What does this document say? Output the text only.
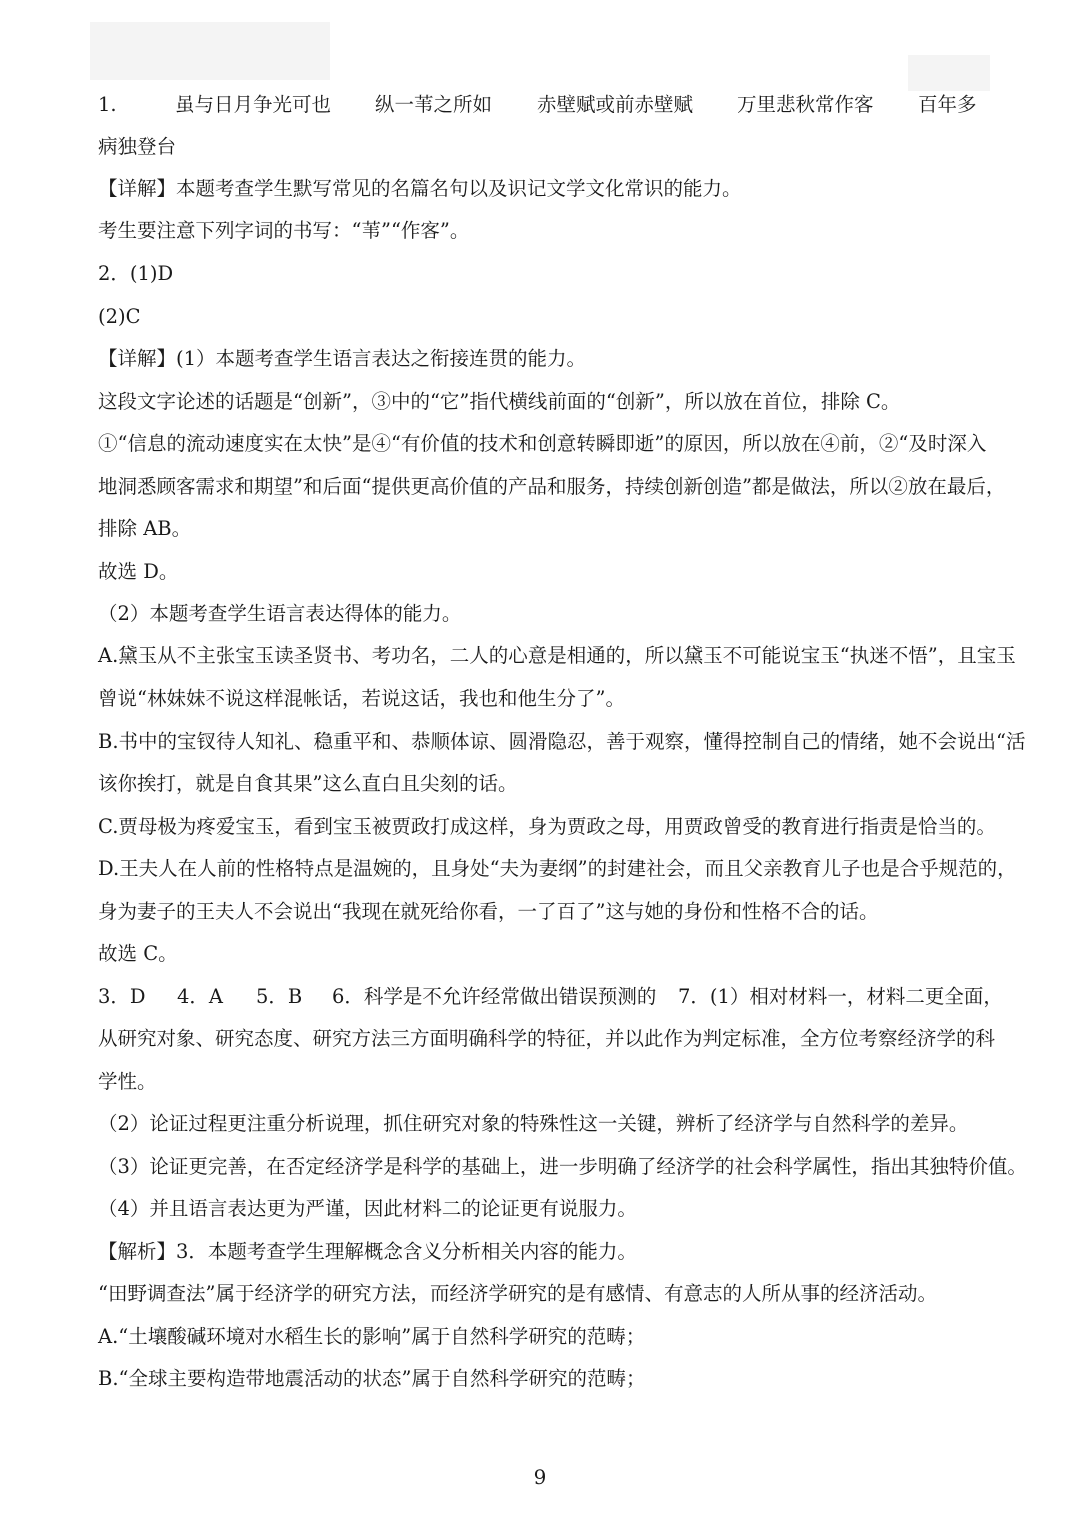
1.	虽与日月争光可也 纵一苇之所如 赤壁赋或前赤壁赋 万里悲秋常作客 百年多
病独登台
【详解】本题考查学生默写常见的名篇名句以及识记文学文化常识的能力。
考生要注意下列字词的书写：“苇”“作客”。
2．(1)D
(2)C
【详解】(1）本题考查学生语言表达之衔接连贯的能力。
这段文字论述的话题是“创新”，③中的“它”指代横线前面的“创新”，所以放在首位，排除 C。
①“信息的流动速度实在太快”是④“有价值的技术和创意转瞬即逝”的原因，所以放在④前，②“及时深入
地洞悉顾客需求和期望”和后面“提供更高价值的产品和服务，持续创新创造”都是做法，所以②放在最后，
排除 AB。
故选 D。
（2）本题考查学生语言表达得体的能力。
A.黛玉从不主张宝玉读圣贤书、考功名，二人的心意是相通的，所以黛玉不可能说宝玉“执迷不悟”，且宝玉
曾说“林妹妹不说这样混帐话，若说这话，我也和他生分了”。
B.书中的宝钗待人知礼、稳重平和、恭顺体谅、圆滑隐忍，善于观察，懂得控制自己的情绪，她不会说出“活
该你挨打，就是自食其果”这么直白且尖刻的话。
C.贾母极为疼爱宝玉，看到宝玉被贾政打成这样，身为贾政之母，用贾政曾受的教育进行指责是恰当的。
D.王夫人在人前的性格特点是温婉的，且身处“夫为妻纲”的封建社会，而且父亲教育儿子也是合乎规范的，
身为妻子的王夫人不会说出“我现在就死给你看，一了百了”这与她的身份和性格不合的话。
故选 C。
3．D 4．A 5．B 6．科学是不允许经常做出错误预测的 7．(1）相对材料一，材料二更全面，
从研究对象、研究态度、研究方法三方面明确科学的特征，并以此作为判定标准，全方位考察经济学的科
学性。
（2）论证过程更注重分析说理，抓住研究对象的特殊性这一关键，辨析了经济学与自然科学的差异。
（3）论证更完善，在否定经济学是科学的基础上，进一步明确了经济学的社会科学属性，指出其独特价值。
（4）并且语言表达更为严谨，因此材料二的论证更有说服力。
【解析】3．本题考查学生理解概念含义分析相关内容的能力。
“田野调查法”属于经济学的研究方法，而经济学研究的是有感情、有意志的人所从事的经济活动。
A.“土壤酸碱环境对水稻生长的影响”属于自然科学研究的范畴；
B.“全球主要构造带地震活动的状态”属于自然科学研究的范畴；
9
